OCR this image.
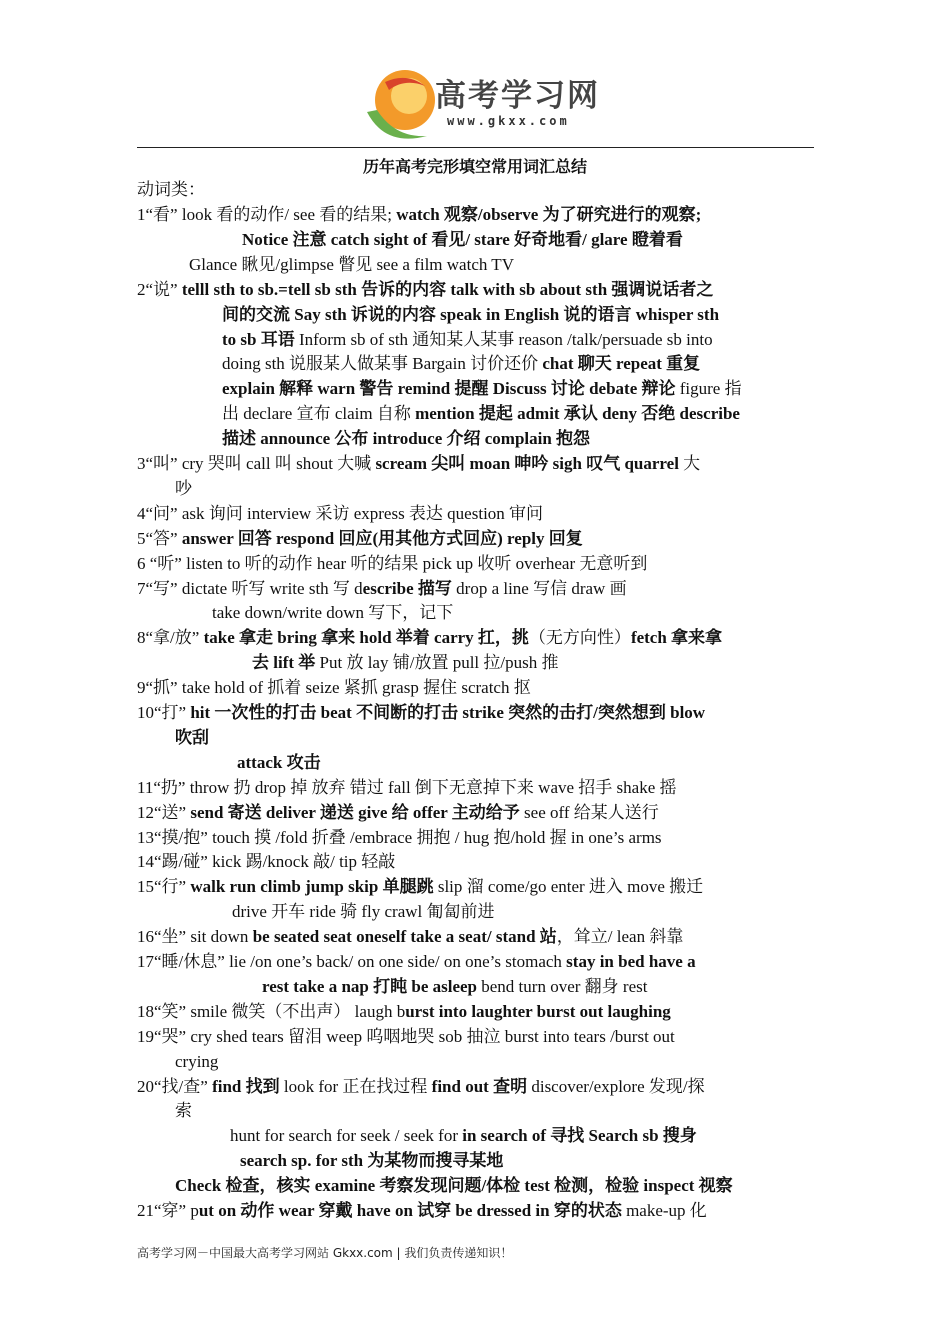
高考学习网
www.gkxx.com
历年高考完形填空常用词汇总结
动词类：
1“看” look 看的动作/ see 看的结果; watch 观察/observe 为了研究进行的观察;
Notice 注意 catch sight of 看见/ stare 好奇地看/ glare 瞪着看
Glance 瞅见/glimpse 瞥见 see a film watch TV
2“说” telll sth to sb.=tell sb sth 告诉的内容 talk with sb about sth 强调说话者之
间的交流 Say sth 诉说的内容 speak in English 说的语言 whisper sth
to sb 耳语 Inform sb of sth 通知某人某事 reason /talk/persuade sb into
doing sth 说服某人做某事 Bargain 讨价还价 chat 聊天 repeat 重复
explain 解释 warn 警告 remind 提醒 Discuss 讨论 debate 辩论 figure 指
出 declare 宣布 claim 自称 mention 提起 admit 承认 deny 否绝 describe
描述 announce 公布 introduce 介绍 complain 抱怨
3“叫” cry 哭叫 call 叫 shout 大喊 scream 尖叫 moan 呻吟 sigh 叹气 quarrel 大
吵
4“问” ask 询问 interview 采访 express 表达 question 审问
5“答” answer 回答 respond 回应(用其他方式回应) reply 回复
6 “听” listen to 听的动作 hear 听的结果 pick up 收听 overhear 无意听到
7“写” dictate 听写 write sth 写 describe 描写 drop a line 写信 draw 画
take down/write down 写下，记下
8“拿/放” take 拿走 bring 拿来 hold 举着 carry 扛，挑（无方向性）fetch 拿来拿
去 lift 举 Put 放 lay 铺/放置 pull 拉/push 推
9“抓” take hold of 抓着 seize 紧抓 grasp 握住 scratch 抠
10“打” hit 一次性的打击 beat 不间断的打击 strike 突然的击打/突然想到 blow
吹刮
attack 攻击
11“扔” throw 扔 drop 掉 放弃 错过 fall 倒下无意掉下来 wave 招手 shake 摇
12“送” send 寄送 deliver 递送 give 给 offer 主动给予 see off 给某人送行
13“摸/抱” touch 摸 /fold 折叠 /embrace 拥抱 / hug 抱/hold 握 in one’s arms
14“踢/碰” kick 踢/knock 敲/ tip 轻敲
15“行” walk run climb jump skip 单腿跳 slip 溜 come/go enter 进入 move 搬迁
drive 开车 ride 骑 fly crawl 匍匐前进
16“坐” sit down be seated seat oneself take a seat/ stand 站，耸立/ lean 斜靠
17“睡/休息” lie /on one’s back/ on one side/ on one’s stomach stay in bed have a
rest take a nap 打盹 be asleep bend turn over 翻身 rest
18“笑” smile 微笑（不出声） laugh burst into laughter burst out laughing
19“哭” cry shed tears 留泪 weep 呜咽地哭 sob 抽泣 burst into tears /burst out
crying
20“找/查” find 找到 look for 正在找过程 find out 查明 discover/explore 发现/探
索
hunt for search for seek / seek for in search of 寻找 Search sb 搜身
search sp. for sth 为某物而搜寻某地
Check 检查，核实 examine 考察发现问题/体检 test 检测，检验 inspect 视察
21“穿” put on 动作 wear 穿戴 have on 试穿 be dressed in 穿的状态 make-up 化
高考学习网－中国最大高考学习网站 Gkxx.com | 我们负责传递知识！
